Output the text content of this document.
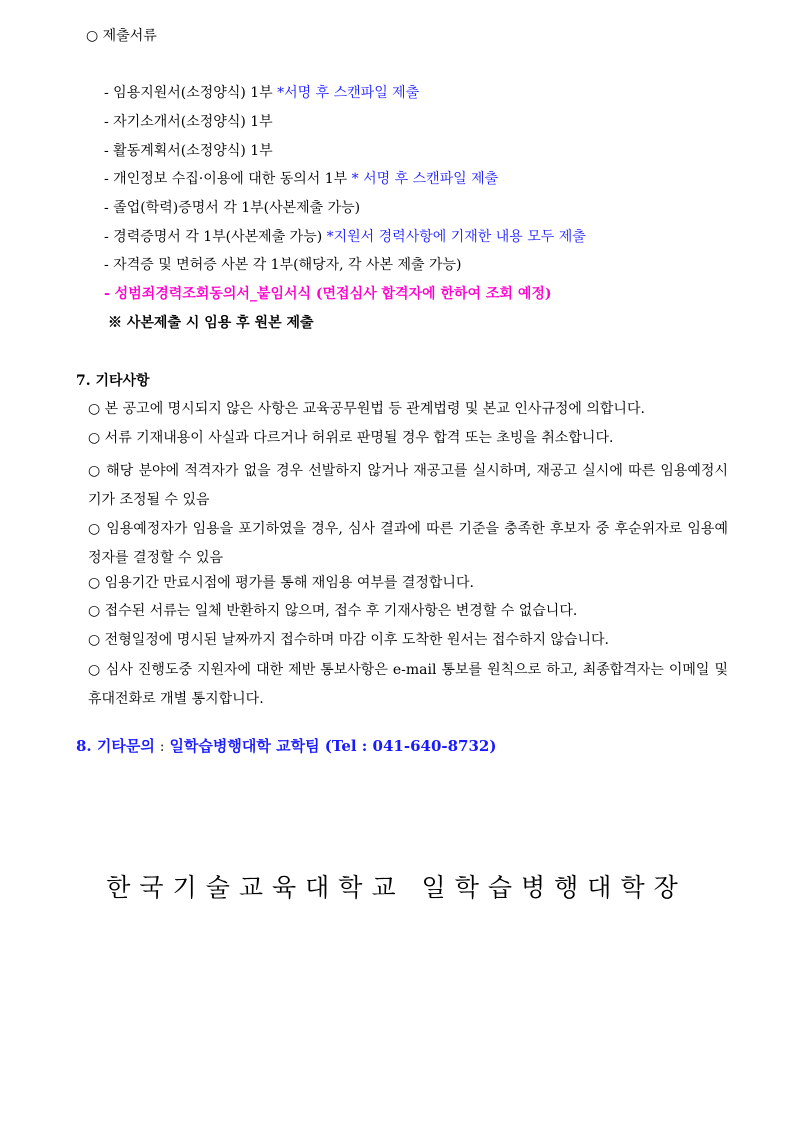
○ 제출서류
- 임용지원서(소정양식) 1부 *서명 후 스캔파일 제출
- 자기소개서(소정양식) 1부
- 활동계획서(소정양식) 1부
- 개인정보 수집·이용에 대한 동의서 1부 * 서명 후 스캔파일 제출
- 졸업(학력)증명서 각 1부(사본제출 가능)
- 경력증명서 각 1부(사본제출 가능) *지원서 경력사항에 기재한 내용 모두 제출
- 자격증 및 면허증 사본 각 1부(해당자, 각 사본 제출 가능)
- 성범죄경력조회동의서_붙임서식 (면접심사 합격자에 한하여 조회 예정)
※ 사본제출 시 임용 후 원본 제출
7. 기타사항
○ 본 공고에 명시되지 않은 사항은 교육공무원법 등 관계법령 및 본교 인사규정에 의합니다.
○ 서류 기재내용이 사실과 다르거나 허위로 판명될 경우 합격 또는 초빙을 취소합니다.
○ 해당 분야에 적격자가 없을 경우 선발하지 않거나 재공고를 실시하며, 재공고 실시에 따른 임용예정시기가 조정될 수 있음
○ 임용예정자가 임용을 포기하였을 경우, 심사 결과에 따른 기준을 충족한 후보자 중 후순위자로 임용예정자를 결정할 수 있음
○ 임용기간 만료시점에 평가를 통해 재임용 여부를 결정합니다.
○ 접수된 서류는 일체 반환하지 않으며, 접수 후 기재사항은 변경할 수 없습니다.
○ 전형일정에 명시된 날짜까지 접수하며 마감 이후 도착한 원서는 접수하지 않습니다.
○ 심사 진행도중 지원자에 대한 제반 통보사항은 e-mail 통보를 원칙으로 하고, 최종합격자는 이메일 및 휴대전화로 개별 통지합니다.
8. 기타문의 : 일학습병행대학 교학팀 (Tel : 041-640-8732)
한국기술교육대학교 일학습병행대학장
